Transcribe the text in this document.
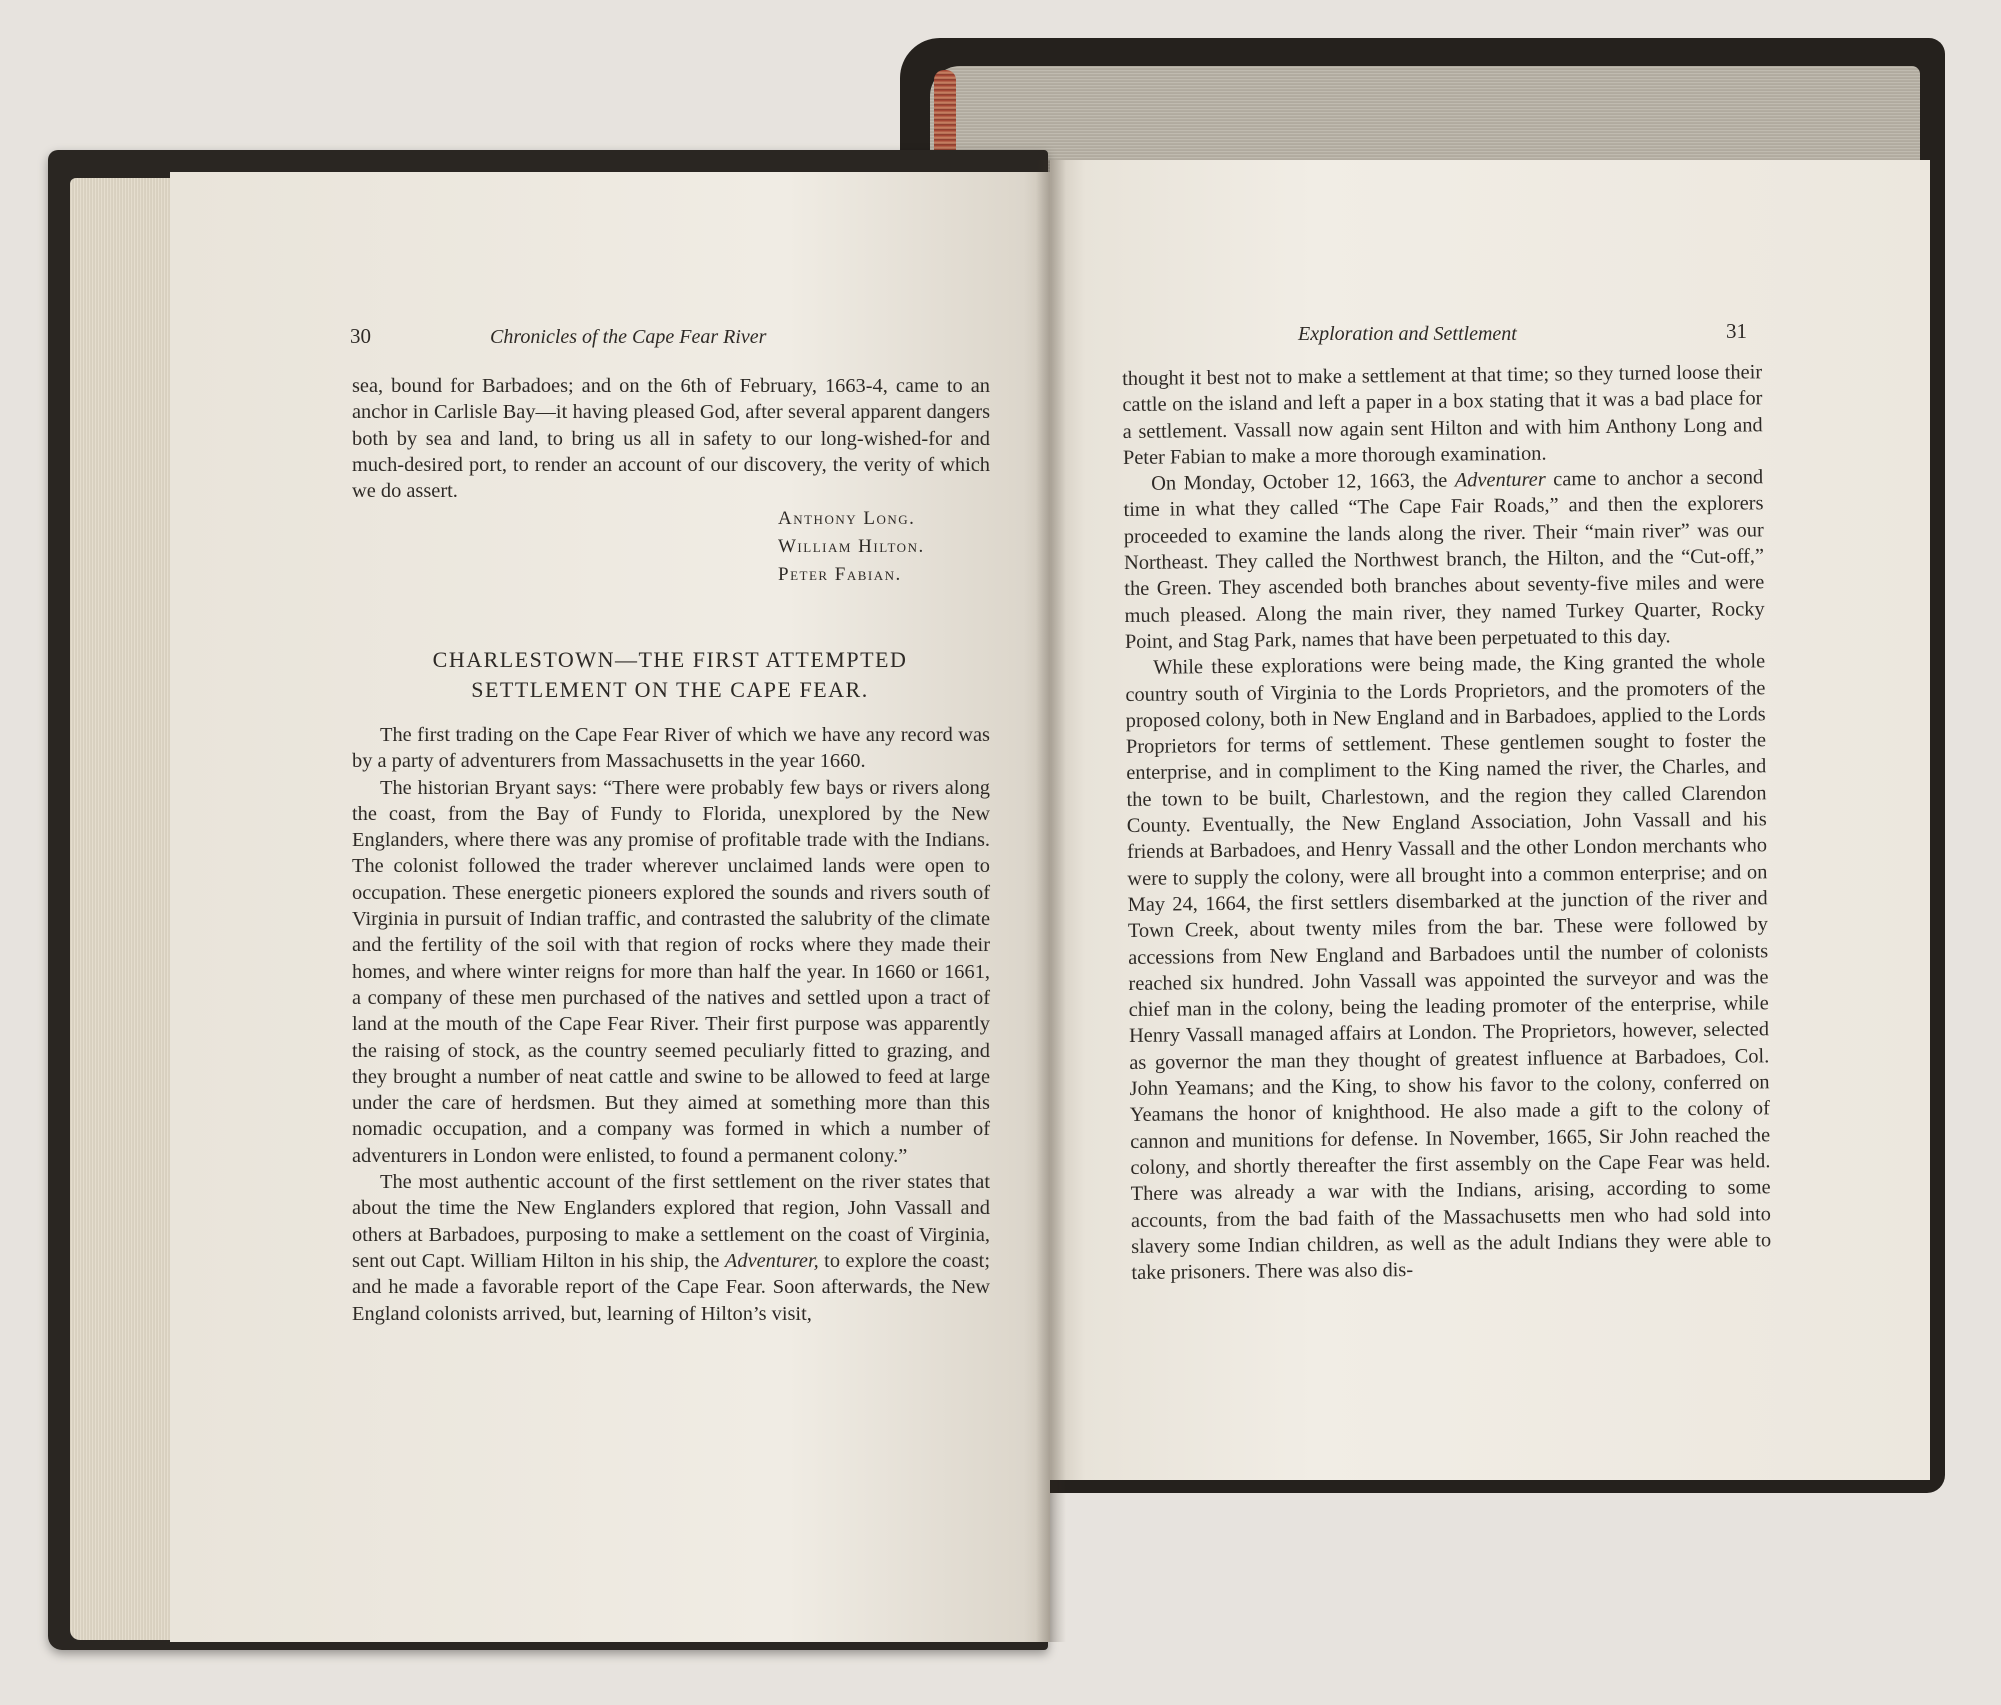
30	Chronicles of the Cape Fear River

sea, bound for Barbadoes; and on the 6th of February, 1663-4, came to an anchor in Carlisle Bay—it having pleased God, after several apparent dangers both by sea and land, to bring us all in safety to our long-wished-for and much-desired port, to render an account of our discovery, the verity of which we do assert.

Anthony Long.
William Hilton.
Peter Fabian.
CHARLESTOWN—THE FIRST ATTEMPTED SETTLEMENT ON THE CAPE FEAR.

The first trading on the Cape Fear River of which we have any record was by a party of adventurers from Massachusetts in the year 1660.

The historian Bryant says: “There were probably few bays or rivers along the coast, from the Bay of Fundy to Florida, unexplored by the New Englanders, where there was any promise of profitable trade with the Indians. The colonist followed the trader wherever unclaimed lands were open to occupation. These energetic pioneers explored the sounds and rivers south of Virginia in pursuit of Indian traffic, and contrasted the salubrity of the climate and the fertility of the soil with that region of rocks where they made their homes, and where winter reigns for more than half the year. In 1660 or 1661, a company of these men purchased of the natives and settled upon a tract of land at the mouth of the Cape Fear River. Their first purpose was apparently the raising of stock, as the country seemed peculiarly fitted to grazing, and they brought a number of neat cattle and swine to be allowed to feed at large under the care of herdsmen. But they aimed at something more than this nomadic occupation, and a company was formed in which a number of adventurers in London were enlisted, to found a permanent colony.”

The most authentic account of the first settlement on the river states that about the time the New Englanders explored that region, John Vassall and others at Barbadoes, purposing to make a settlement on the coast of Virginia, sent out Capt. William Hilton in his ship, the Adventurer, to explore the coast; and he made a favorable report of the Cape Fear. Soon afterwards, the New England colonists arrived, but, learning of Hilton’s visit,

Exploration and Settlement	31

thought it best not to make a settlement at that time; so they turned loose their cattle on the island and left a paper in a box stating that it was a bad place for a settlement. Vassall now again sent Hilton and with him Anthony Long and Peter Fabian to make a more thorough examination.

On Monday, October 12, 1663, the Adventurer came to anchor a second time in what they called “The Cape Fair Roads,” and then the explorers proceeded to examine the lands along the river. Their “main river” was our Northeast. They called the Northwest branch, the Hilton, and the “Cut-off,” the Green. They ascended both branches about seventy-five miles and were much pleased. Along the main river, they named Turkey Quarter, Rocky Point, and Stag Park, names that have been perpetuated to this day.

While these explorations were being made, the King granted the whole country south of Virginia to the Lords Proprietors, and the promoters of the proposed colony, both in New England and in Barbadoes, applied to the Lords Proprietors for terms of settlement. These gentlemen sought to foster the enterprise, and in compliment to the King named the river, the Charles, and the town to be built, Charlestown, and the region they called Clarendon County. Eventually, the New England Association, John Vassall and his friends at Barbadoes, and Henry Vassall and the other London merchants who were to supply the colony, were all brought into a common enterprise; and on May 24, 1664, the first settlers disembarked at the junction of the river and Town Creek, about twenty miles from the bar. These were followed by accessions from New England and Barbadoes until the number of colonists reached six hundred. John Vassall was appointed the surveyor and was the chief man in the colony, being the leading promoter of the enterprise, while Henry Vassall managed affairs at London. The Proprietors, however, selected as governor the man they thought of greatest influence at Barbadoes, Col. John Yeamans; and the King, to show his favor to the colony, conferred on Yeamans the honor of knighthood. He also made a gift to the colony of cannon and munitions for defense. In November, 1665, Sir John reached the colony, and shortly thereafter the first assembly on the Cape Fear was held. There was already a war with the Indians, arising, according to some accounts, from the bad faith of the Massachusetts men who had sold into slavery some Indian children, as well as the adult Indians they were able to take prisoners. There was also dis-
